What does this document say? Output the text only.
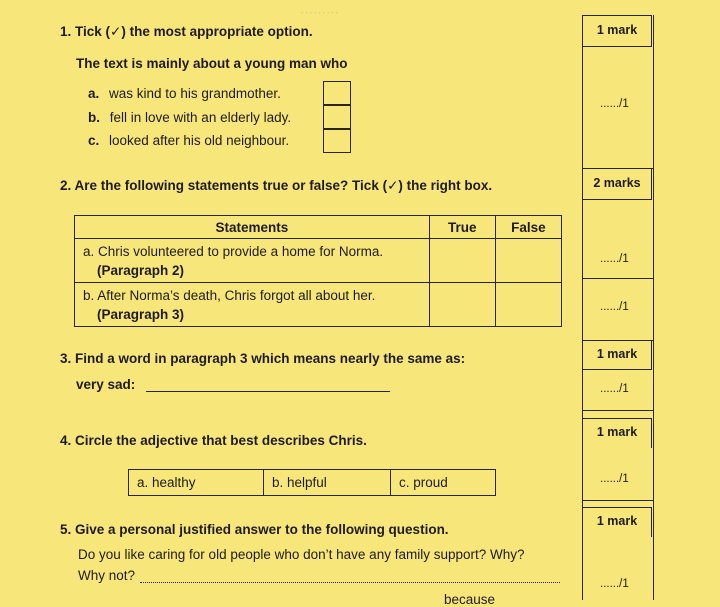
·········
1. Tick (✓) the most appropriate option.	1 mark
The text is mainly about a young man who
a. was kind to his grandmother.
b. fell in love with an elderly lady.
c. looked after his old neighbour.
....../1
2. Are the following statements true or false? Tick (✓) the right box.	2 marks
Statements	True	False

a. Chris volunteered to provide a home for Norma.
(Paragraph 2)		

b. After Norma’s death, Chris forgot all about her.
(Paragraph 3)		

....../1
....../1
3. Find a word in paragraph 3 which means nearly the same as:	1 mark
very sad:	....../1
4. Circle the adjective that best describes Chris.
1 mark
a. healthy	b. helpful	c. proud	....../1
5. Give a personal justified answer to the following question.
1 mark
Do you like caring for old people who don’t have any family support? Why?
Why not?
....../1
because
